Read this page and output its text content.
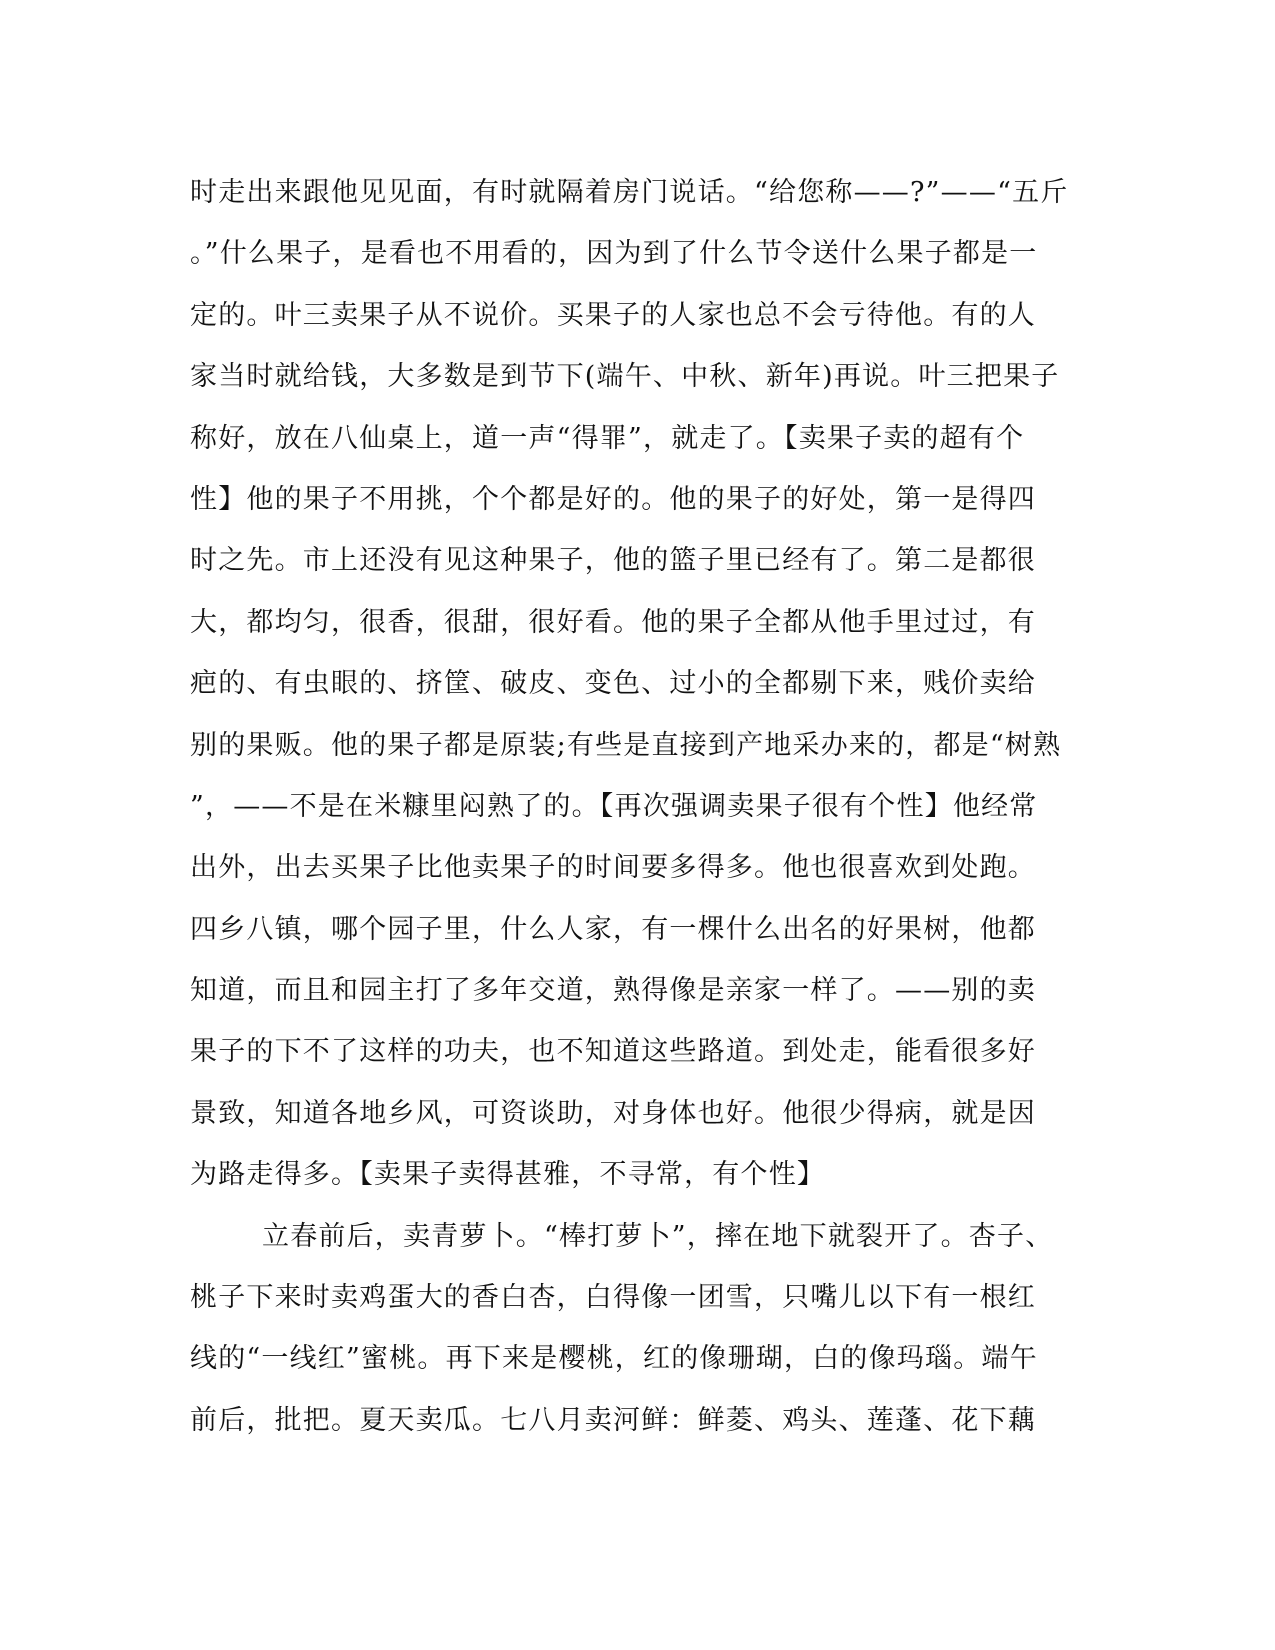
时走出来跟他见见面，有时就隔着房门说话。“给您称——?”——“五斤
。”什么果子，是看也不用看的，因为到了什么节令送什么果子都是一
定的。叶三卖果子从不说价。买果子的人家也总不会亏待他。有的人
家当时就给钱，大多数是到节下(端午、中秋、新年)再说。叶三把果子
称好，放在八仙桌上，道一声“得罪”，就走了。【卖果子卖的超有个
性】他的果子不用挑，个个都是好的。他的果子的好处，第一是得四
时之先。市上还没有见这种果子，他的篮子里已经有了。第二是都很
大，都均匀，很香，很甜，很好看。他的果子全都从他手里过过，有
疤的、有虫眼的、挤筐、破皮、变色、过小的全都剔下来，贱价卖给
别的果贩。他的果子都是原装;有些是直接到产地采办来的，都是“树熟
”，——不是在米糠里闷熟了的。【再次强调卖果子很有个性】他经常
出外，出去买果子比他卖果子的时间要多得多。他也很喜欢到处跑。
四乡八镇，哪个园子里，什么人家，有一棵什么出名的好果树，他都
知道，而且和园主打了多年交道，熟得像是亲家一样了。——别的卖
果子的下不了这样的功夫，也不知道这些路道。到处走，能看很多好
景致，知道各地乡风，可资谈助，对身体也好。他很少得病，就是因
为路走得多。【卖果子卖得甚雅，不寻常，有个性】
立春前后，卖青萝卜。“棒打萝卜”，摔在地下就裂开了。杏子、
桃子下来时卖鸡蛋大的香白杏，白得像一团雪，只嘴儿以下有一根红
线的“一线红”蜜桃。再下来是樱桃，红的像珊瑚，白的像玛瑙。端午
前后，批把。夏天卖瓜。七八月卖河鲜：鲜菱、鸡头、莲蓬、花下藕
